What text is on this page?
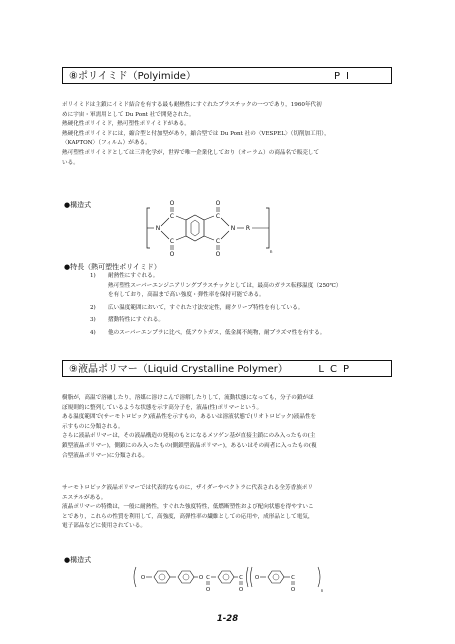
⑧ポリイミド（Polyimide）	PI
ポリイミドは主鎖にイミド結合を有する最も耐熱性にすぐれたプラスチックの一つであり，1960年代初
めに宇宙・軍需用として Du Pont 社で開発された。
熱硬化性ポリイミド，熱可塑性ポリイミドがある。
熱硬化性ポリイミドには，縮合型と付加型があり，縮合型では Du Pont 社の〈VESPEL〉（切削加工用），
〈KAPTON〉（フィルム）がある。
熱可塑性ポリイミドとしては三井化学が，世界で唯一企業化しており（オーラム）の商品名で販売して
いる。
●構造式
n
N
C
O
C
O
C
O
C
O
N R
●特長（熱可塑性ポリイミド）
1) 耐熱性にすぐれる。
熱可塑性スーパーエンジニアリングプラスチックとしては，最高のガラス転移温度（250℃）
を有しており，高温まで高い強度・弾性率を保持可能である。
2) 広い温度範囲において，すぐれた寸法安定性，耐クリープ特性を有している。
3) 摺動特性にすぐれる。
4) 他のスーパーエンプラに比べ，低アウトガス，低金属不純物，耐プラズマ性を有する。
⑨液晶ポリマー（Liquid Crystalline Polymer）	LCP
樹脂が，高温で溶融したり，溶媒に溶けこんで溶解したりして，流動状態になっても，分子の鎖がほ
ぼ規則的に整列しているような状態を示す高分子を，液晶(性)ポリマーという。
ある温度範囲で(サーモトロピック)液晶性を示すもの，あるいは溶液状態で(リオトロピック)液晶性を
示すものに分類される。
さらに液晶ポリマーは，その液晶構造の発現のもとになるメソゲン基が直接主鎖にのみ入ったもの(主
鎖型液晶ポリマー)，側鎖にのみ入ったもの(側鎖型液晶ポリマー)，あるいはその両者に入ったもの(複
合型液晶ポリマー)に分類される。
サーモトロピック液晶ポリマーでは代表的なものに，ザイダーやベクトラに代表される全芳香族ポリ
エステルがある。
液晶ポリマーの特徴は，一般に耐熱性，すぐれた強度特性，低燃断塑性および配向状態を得やすいこ
とであり，これらの性質を利用して，高強度，高弾性率の繊維としての応用や，成形品として電気，
電子部品などに使用されている。
●構造式
n
O	O C
O
C
O
O	C
O
1-28
